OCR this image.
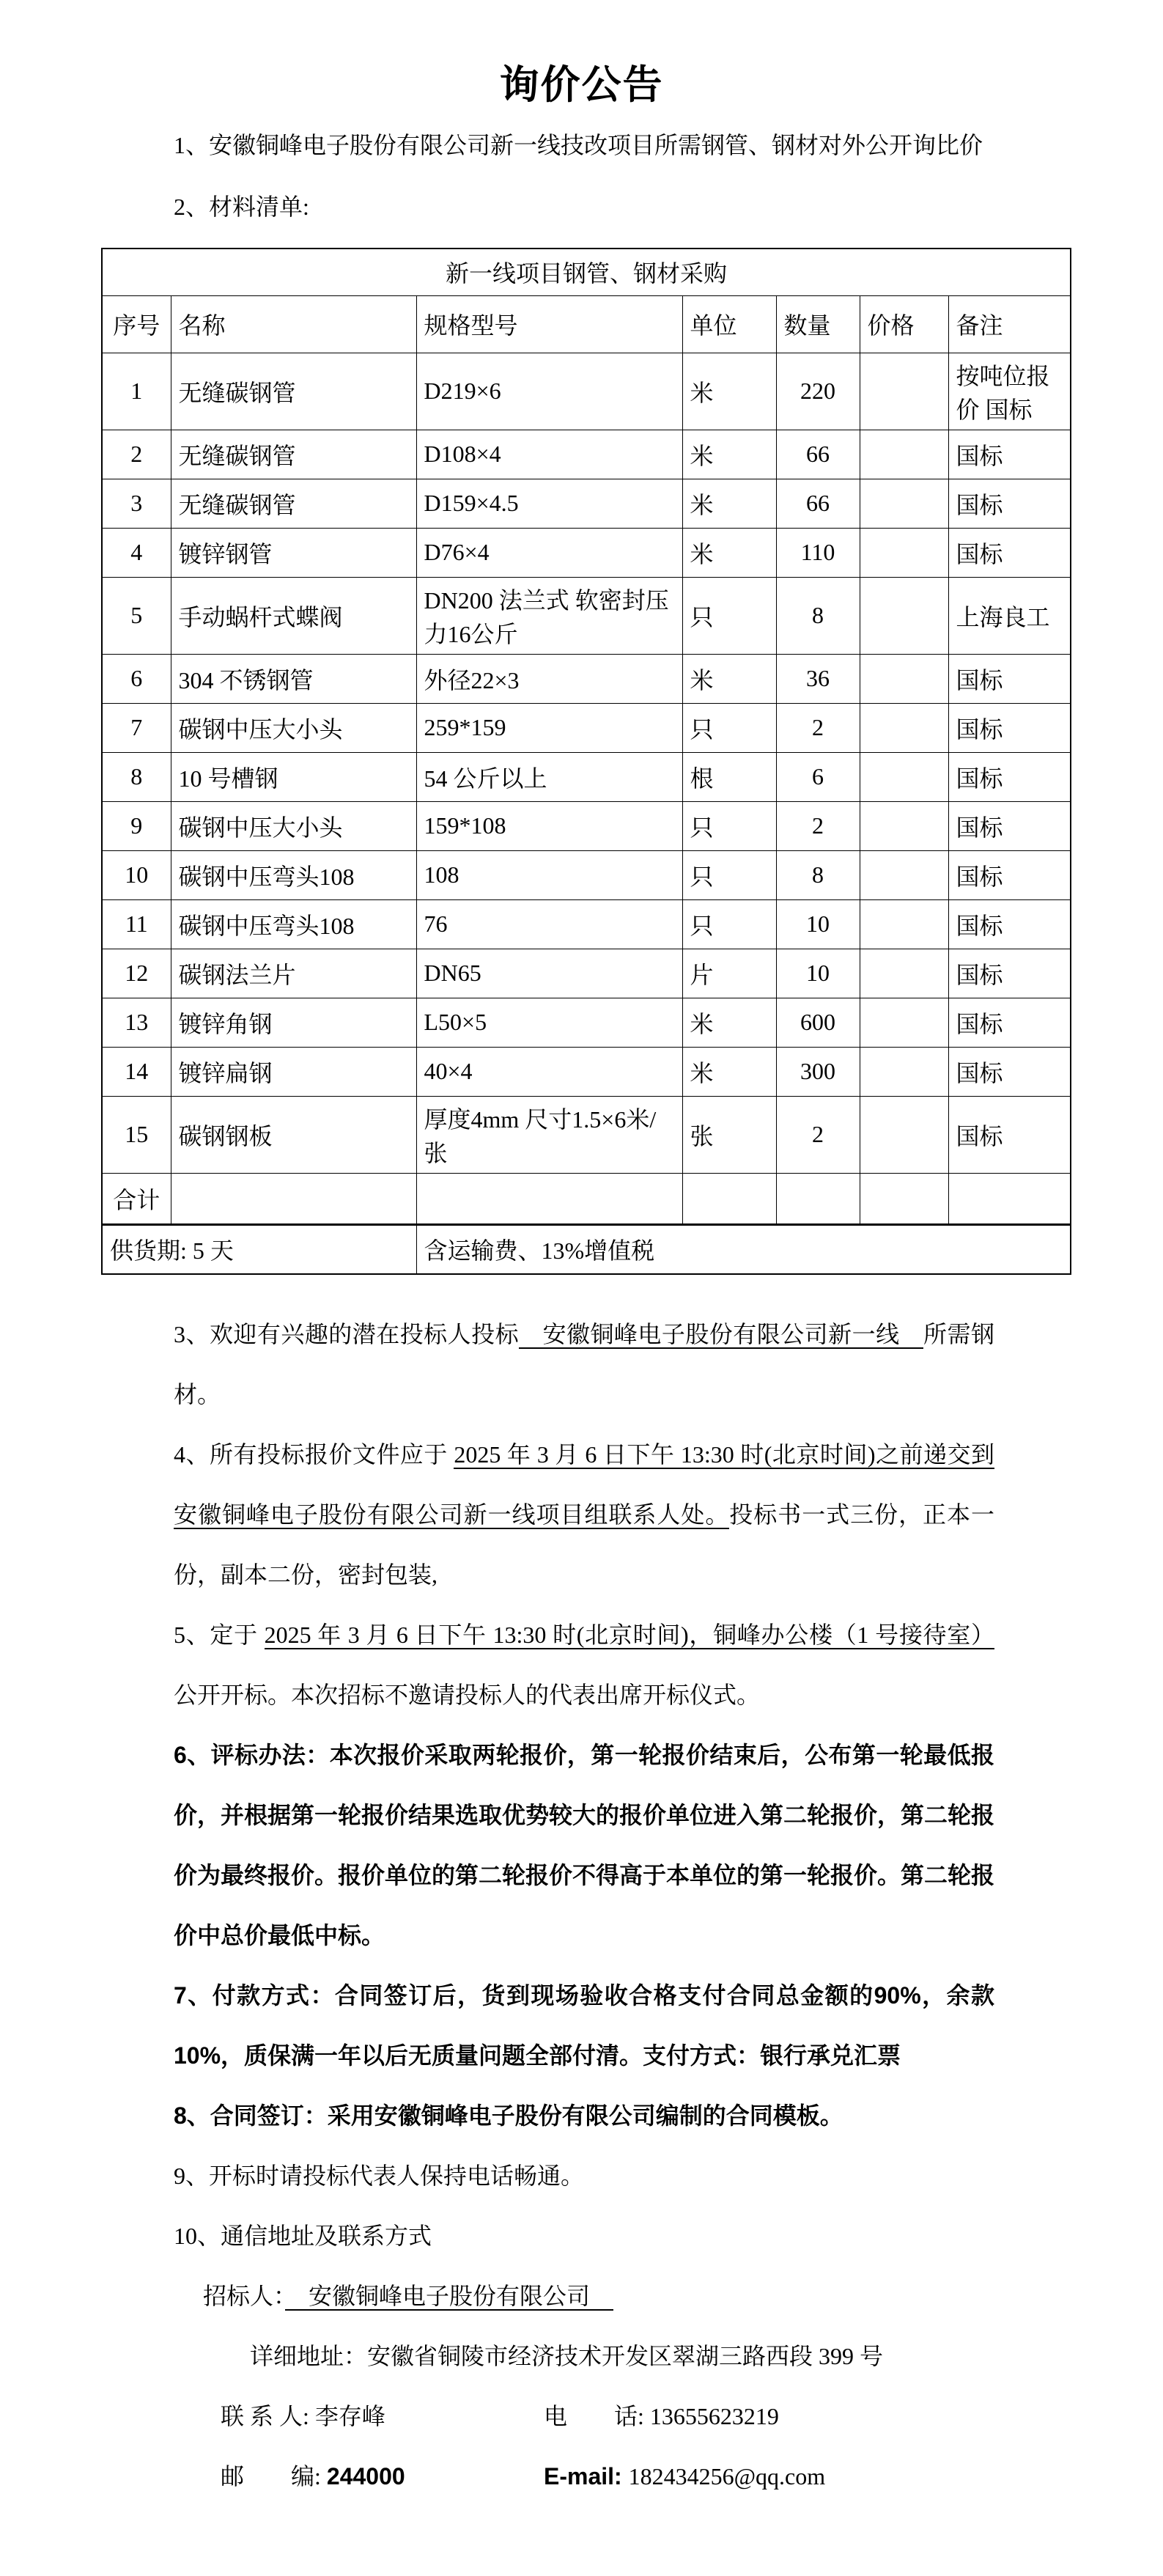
询价公告

1、安徽铜峰电子股份有限公司新一线技改项目所需钢管、钢材对外公开询比价

2、材料清单:

新一线项目钢管、钢材采购						
序号	名称	规格型号	单位	数量	价格	备注
1	无缝碳钢管	D219×6	米	220		按吨位报价 国标
2	无缝碳钢管	D108×4	米	66		国标
3	无缝碳钢管	D159×4.5	米	66		国标
4	镀锌钢管	D76×4	米	110		国标
5	手动蜗杆式蝶阀	DN200 法兰式 软密封压力16公斤	只	8		上海良工
6	304 不锈钢管	外径22×3	米	36		国标
7	碳钢中压大小头	259*159	只	2		国标
8	10 号槽钢	54 公斤以上	根	6		国标
9	碳钢中压大小头	159*108	只	2		国标
10	碳钢中压弯头108	108	只	8		国标
11	碳钢中压弯头108	76	只	10		国标
12	碳钢法兰片	DN65	片	10		国标
13	镀锌角钢	L50×5	米	600		国标
14	镀锌扁钢	40×4	米	300		国标
15	碳钢钢板	厚度4mm 尺寸1.5×6米/张	张	2		国标
合计						
供货期: 5 天		含运输费、13%增值税				

3、欢迎有兴趣的潜在投标人投标　安徽铜峰电子股份有限公司新一线　所需钢材。

4、所有投标报价文件应于 2025 年 3 月 6 日下午 13:30 时(北京时间)之前递交到安徽铜峰电子股份有限公司新一线项目组联系人处。投标书一式三份，正本一份，副本二份，密封包装,

5、定于 2025 年 3 月 6 日下午 13:30 时(北京时间)，铜峰办公楼（1 号接待室）公开开标。本次招标不邀请投标人的代表出席开标仪式。

6、评标办法：本次报价采取两轮报价，第一轮报价结束后，公布第一轮最低报价，并根据第一轮报价结果选取优势较大的报价单位进入第二轮报价，第二轮报价为最终报价。报价单位的第二轮报价不得高于本单位的第一轮报价。第二轮报价中总价最低中标。

7、付款方式：合同签订后，货到现场验收合格支付合同总金额的90%，余款10%，质保满一年以后无质量问题全部付清。支付方式：银行承兑汇票

8、合同签订：采用安徽铜峰电子股份有限公司编制的合同模板。

9、开标时请投标代表人保持电话畅通。

10、通信地址及联系方式

招标人：　安徽铜峰电子股份有限公司　

详细地址：安徽省铜陵市经济技术开发区翠湖三路西段 399 号

联 系 人: 李存峰	电　　话: 13655623219

邮　　编: 244000	E-mail: 182434256@qq.com
